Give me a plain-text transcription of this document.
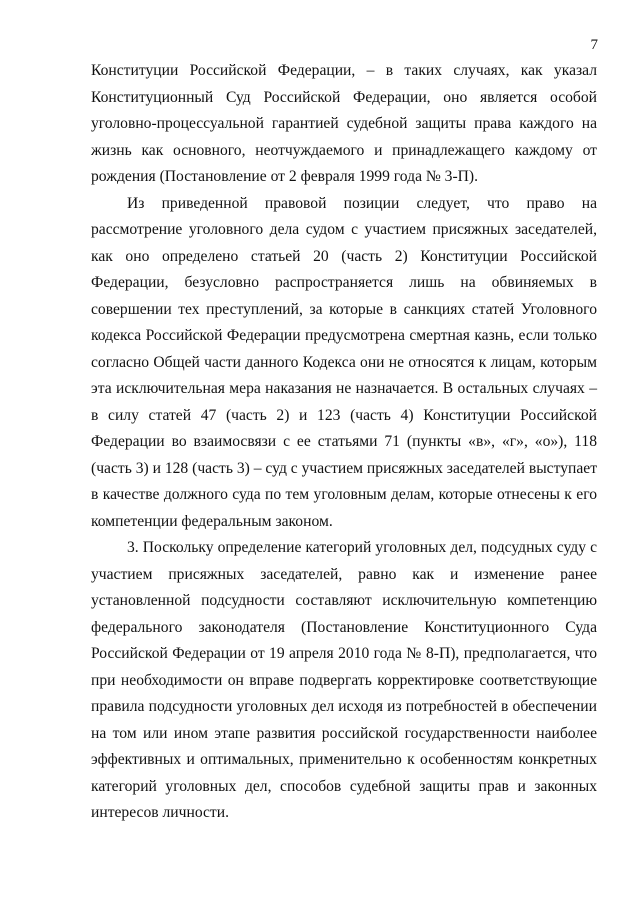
7

Конституции Российской Федерации, – в таких случаях, как указал Конституционный Суд Российской Федерации, оно является особой уголовно-процессуальной гарантией судебной защиты права каждого на жизнь как основного, неотчуждаемого и принадлежащего каждому от рождения (Постановление от 2 февраля 1999 года № 3-П).

Из приведенной правовой позиции следует, что право на рассмотрение уголовного дела судом с участием присяжных заседателей, как оно определено статьей 20 (часть 2) Конституции Российской Федерации, безусловно распространяется лишь на обвиняемых в совершении тех преступлений, за которые в санкциях статей Уголовного кодекса Российской Федерации предусмотрена смертная казнь, если только согласно Общей части данного Кодекса они не относятся к лицам, которым эта исключительная мера наказания не назначается. В остальных случаях – в силу статей 47 (часть 2) и 123 (часть 4) Конституции Российской Федерации во взаимосвязи с ее статьями 71 (пункты «в», «г», «о»), 118 (часть 3) и 128 (часть 3) – суд с участием присяжных заседателей выступает в качестве должного суда по тем уголовным делам, которые отнесены к его компетенции федеральным законом.

3. Поскольку определение категорий уголовных дел, подсудных суду с участием присяжных заседателей, равно как и изменение ранее установленной подсудности составляют исключительную компетенцию федерального законодателя (Постановление Конституционного Суда Российской Федерации от 19 апреля 2010 года № 8-П), предполагается, что при необходимости он вправе подвергать корректировке соответствующие правила подсудности уголовных дел исходя из потребностей в обеспечении на том или ином этапе развития российской государственности наиболее эффективных и оптимальных, применительно к особенностям конкретных категорий уголовных дел, способов судебной защиты прав и законных интересов личности.
